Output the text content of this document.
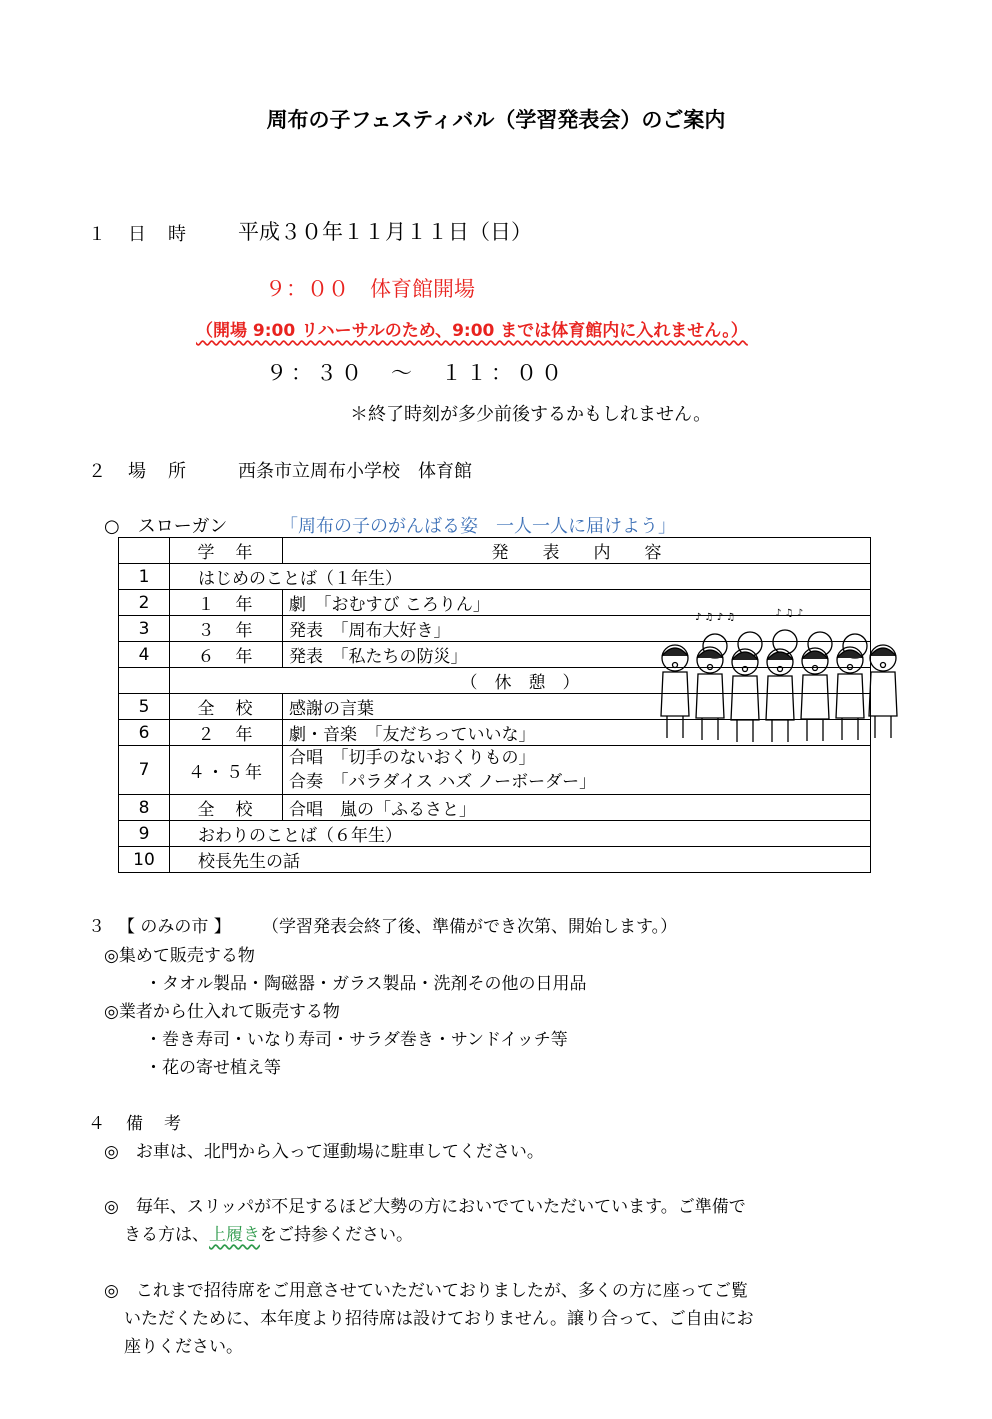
周布の子フェスティバル（学習発表会）のご案内
１　日　時 平成３０年１１月１１日（日）
９：００　体育館開場
（開場 9:00 リハーサルのため、9:00 までは体育館内に入れません。）
９：３０　～　１１：００
＊終了時刻が多少前後するかもしれません。
２　場　所	西条市立周布小学校　体育館
○　スローガン	「周布の子のがんばる姿　一人一人に届けよう」
	学　年	発　　表　　内　　容
1	はじめのことば（１年生）	
2	１　年	劇　「おむすび ころりん」
3	３　年	発表　「周布大好き」
4	６　年	発表　「私たちの防災」
	（　休　憩　）	
5	全　校	感謝の言葉
6	２　年	劇・音楽　「友だちっていいな」
7	４・５年	合唱　「切手のないおくりもの」
合奏　「パラダイス ハズ ノーボーダー」

8	全　校	合唱　嵐の「ふるさと」
9	おわりのことば（６年生）	
10	校長先生の話	
♪ ♫ ♪ ♫	♪ ♫ ♪
３ 【 のみの市 】 （学習発表会終了後、準備ができ次第、開始します。）
◎集めて販売する物
・タオル製品・陶磁器・ガラス製品・洗剤その他の日用品
◎業者から仕入れて販売する物
・巻き寿司・いなり寿司・サラダ巻き・サンドイッチ等
・花の寄せ植え等
４　備　考
◎　お車は、北門から入って運動場に駐車してください。
◎　毎年、スリッパが不足するほど大勢の方においでていただいています。ご準備で
きる方は、上履きをご持参ください。
◎　これまで招待席をご用意させていただいておりましたが、多くの方に座ってご覧
いただくために、本年度より招待席は設けておりません。譲り合って、ご自由にお
座りください。
